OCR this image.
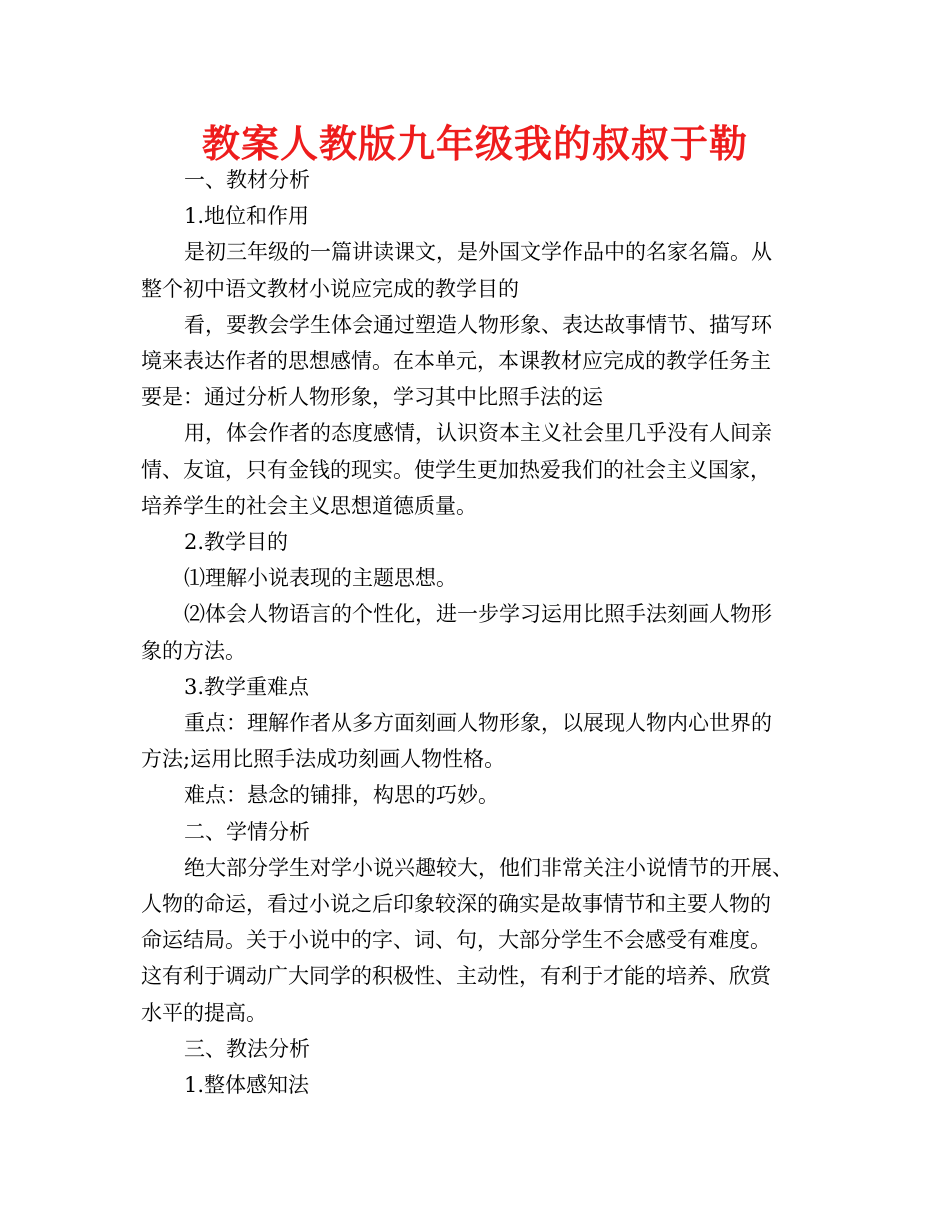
教案人教版九年级我的叔叔于勒

一、教材分析

1.地位和作用

是初三年级的一篇讲读课文，是外国文学作品中的名家名篇。从

整个初中语文教材小说应完成的教学目的

看，要教会学生体会通过塑造人物形象、表达故事情节、描写环

境来表达作者的思想感情。在本单元，本课教材应完成的教学任务主

要是：通过分析人物形象，学习其中比照手法的运

用，体会作者的态度感情，认识资本主义社会里几乎没有人间亲

情、友谊，只有金钱的现实。使学生更加热爱我们的社会主义国家，

培养学生的社会主义思想道德质量。

2.教学目的

⑴理解小说表现的主题思想。

⑵体会人物语言的个性化，进一步学习运用比照手法刻画人物形

象的方法。

3.教学重难点

重点：理解作者从多方面刻画人物形象，以展现人物内心世界的

方法;运用比照手法成功刻画人物性格。

难点：悬念的铺排，构思的巧妙。

二、学情分析

绝大部分学生对学小说兴趣较大，他们非常关注小说情节的开展、

人物的命运，看过小说之后印象较深的确实是故事情节和主要人物的

命运结局。关于小说中的字、词、句，大部分学生不会感受有难度。

这有利于调动广大同学的积极性、主动性，有利于才能的培养、欣赏

水平的提高。

三、教法分析

1.整体感知法
